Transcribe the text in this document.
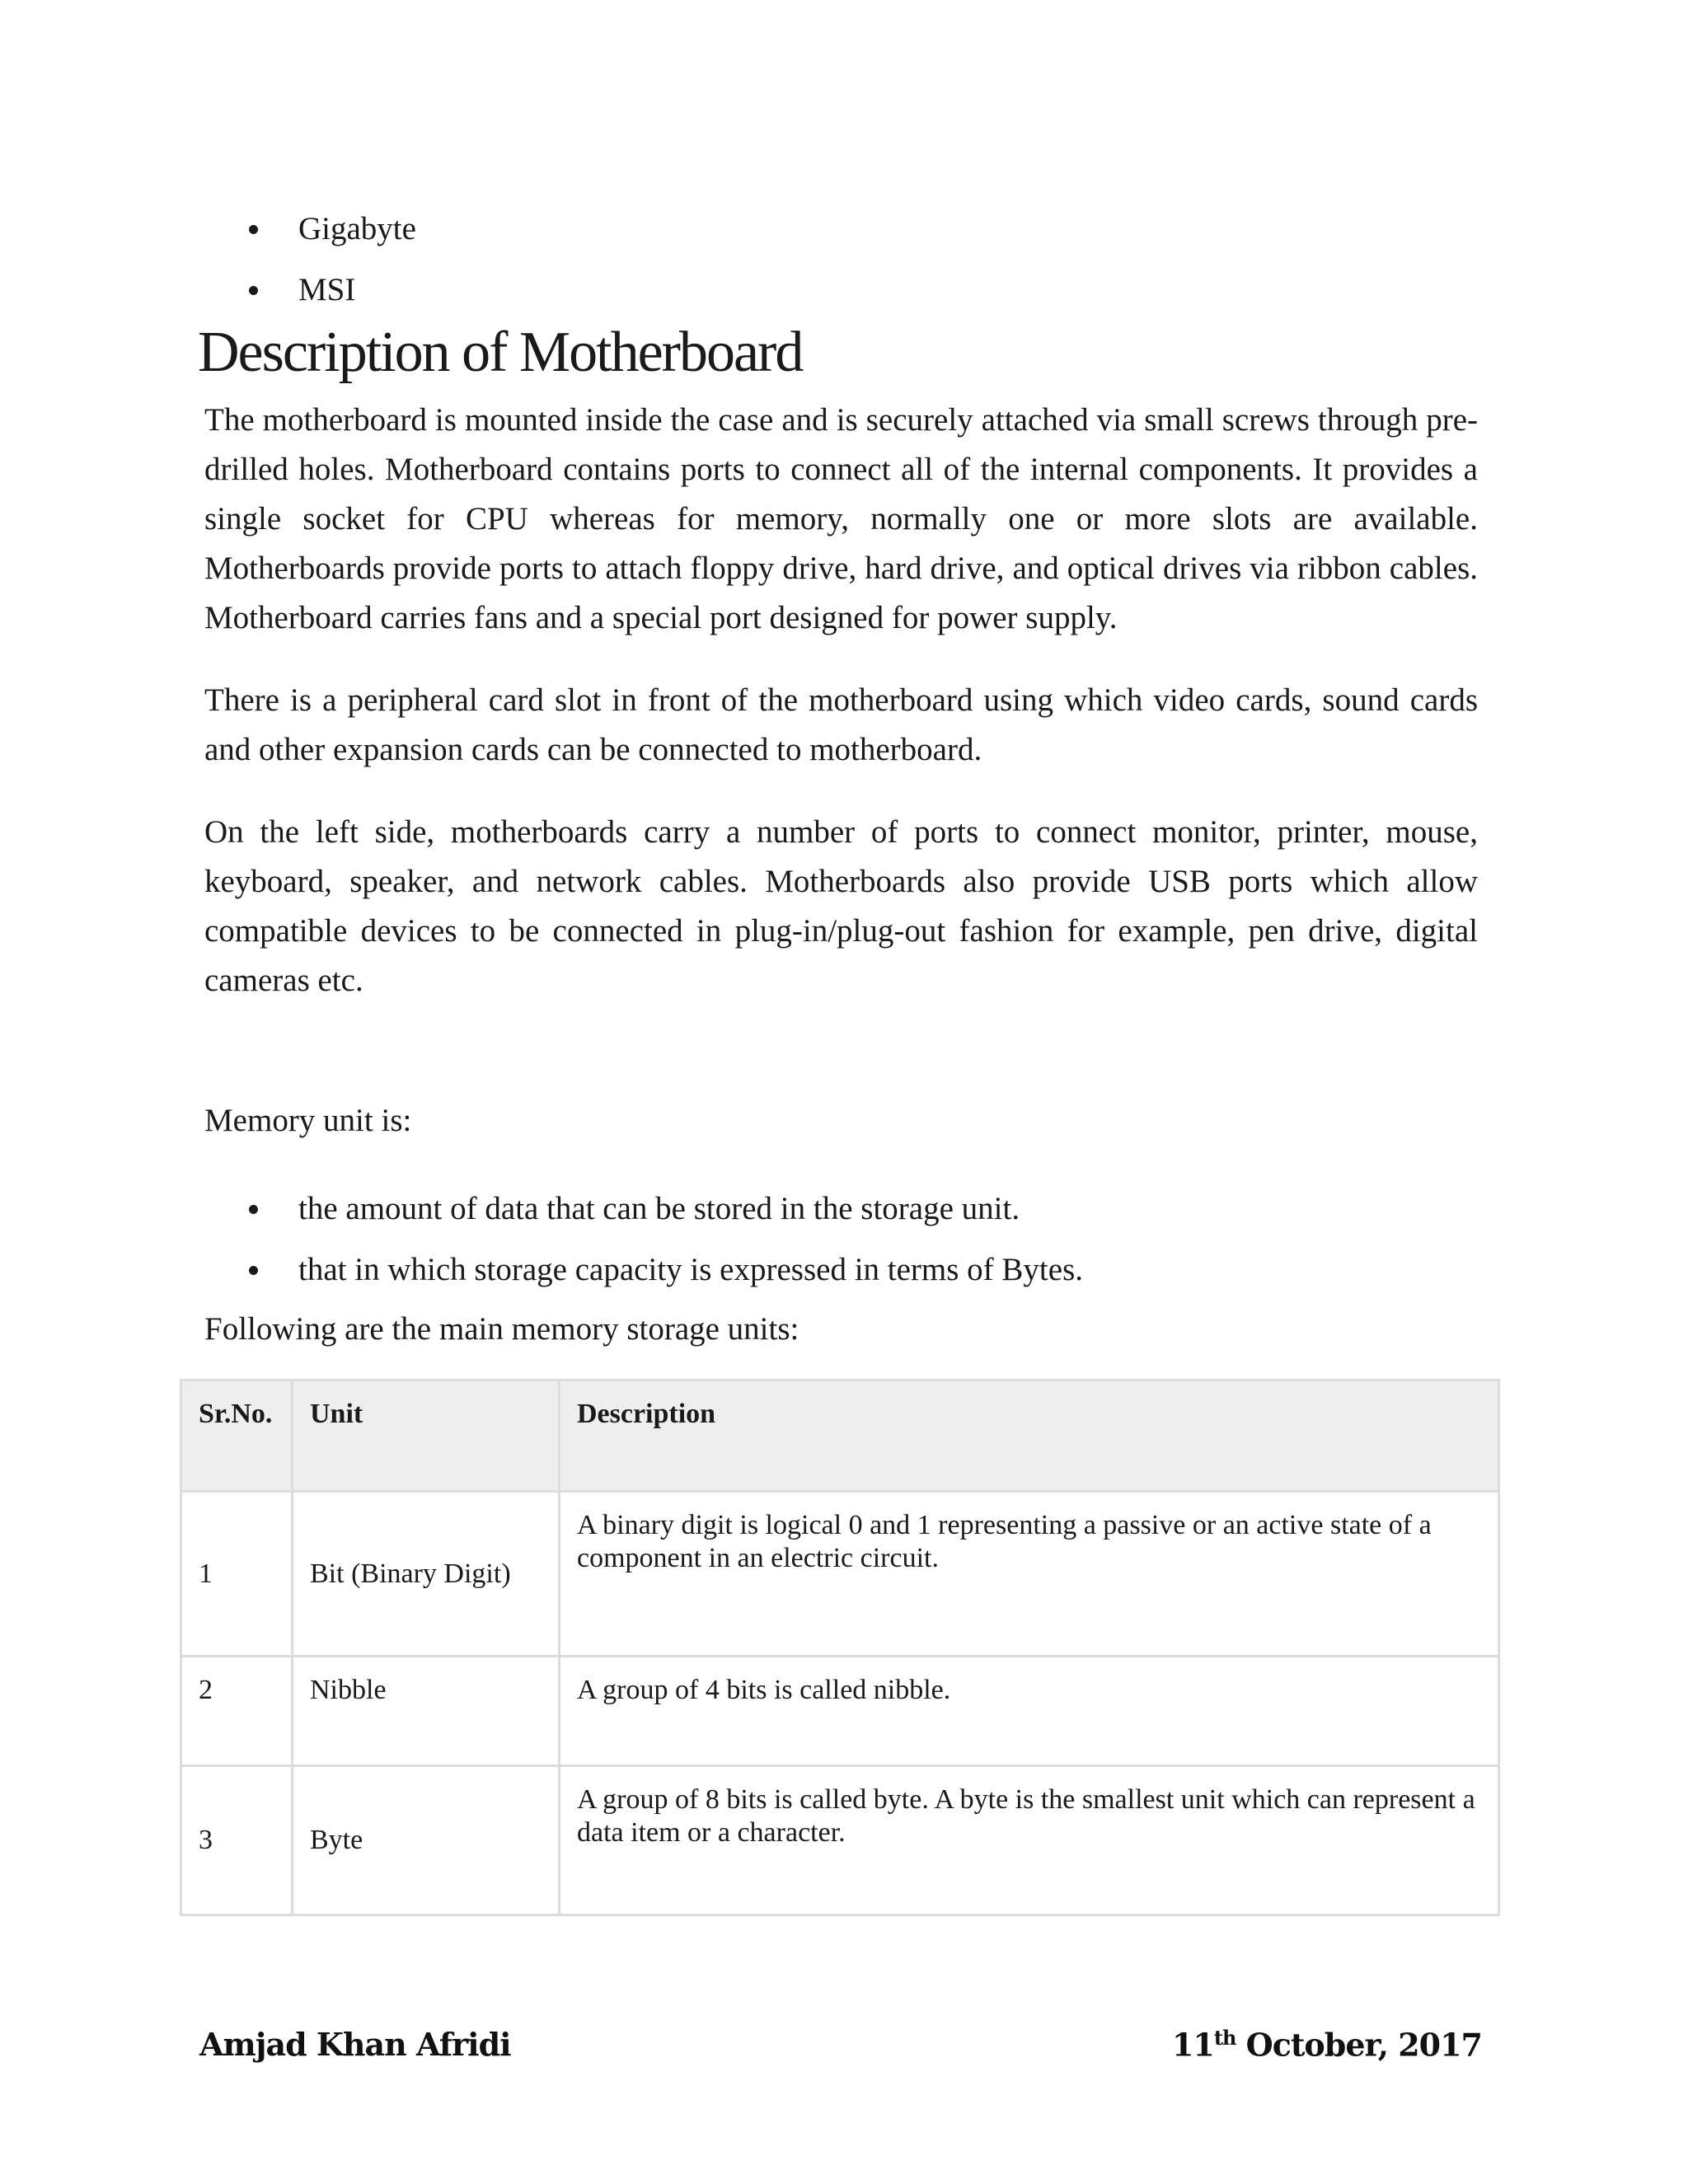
Gigabyte
MSI
Description of Motherboard

The motherboard is mounted inside the case and is securely attached via small screws through pre-drilled holes. Motherboard contains ports to connect all of the internal components. It provides a single socket for CPU whereas for memory, normally one or more slots are available. Motherboards provide ports to attach floppy drive, hard drive, and optical drives via ribbon cables. Motherboard carries fans and a special port designed for power supply.

There is a peripheral card slot in front of the motherboard using which video cards, sound cards and other expansion cards can be connected to motherboard.

On the left side, motherboards carry a number of ports to connect monitor, printer, mouse, keyboard, speaker, and network cables. Motherboards also provide USB ports which allow compatible devices to be connected in plug-in/plug-out fashion for example, pen drive, digital cameras etc.

Memory unit is:

the amount of data that can be stored in the storage unit.
that in which storage capacity is expressed in terms of Bytes.

Following are the main memory storage units:

Sr.No.	Unit	Description
1	Bit (Binary Digit)	A binary digit is logical 0 and 1 representing a passive or an active state of a component in an electric circuit.
2	Nibble	A group of 4 bits is called nibble.
3	Byte	A group of 8 bits is called byte. A byte is the smallest unit which can represent a data item or a character.
Amjad Khan Afridi	11th October, 2017
